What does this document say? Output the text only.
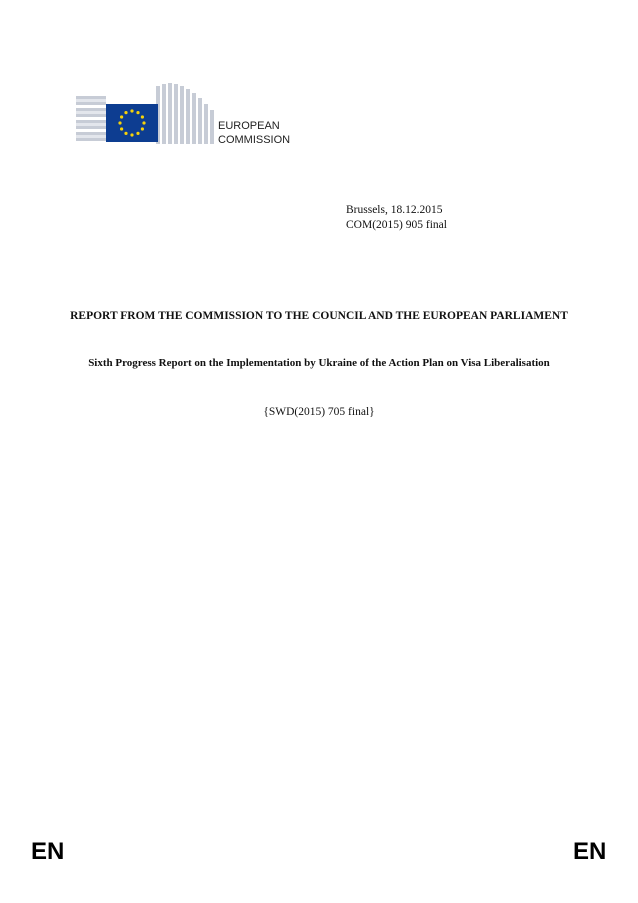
EUROPEAN
COMMISSION
Brussels, 18.12.2015
COM(2015) 905 final
REPORT FROM THE COMMISSION TO THE COUNCIL AND THE EUROPEAN PARLIAMENT
Sixth Progress Report on the Implementation by Ukraine of the Action Plan on Visa Liberalisation
{SWD(2015) 705 final}
EN	EN
